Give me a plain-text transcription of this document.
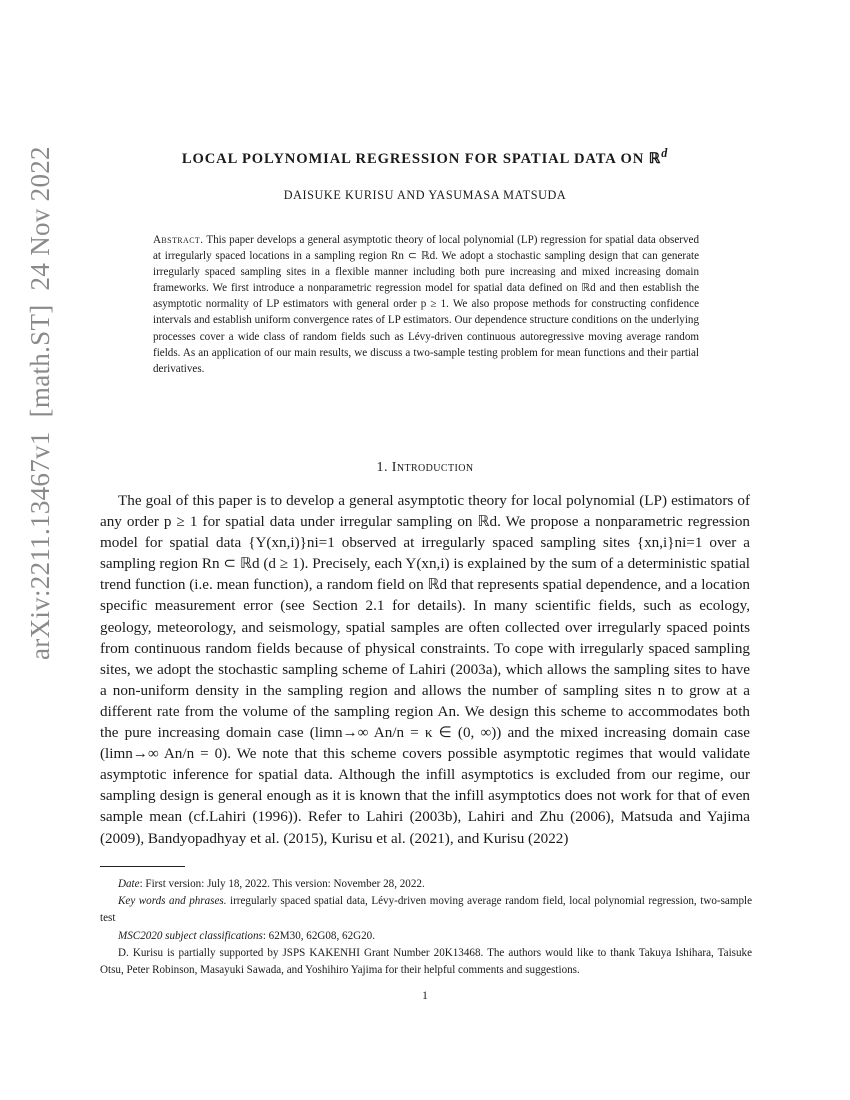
arXiv:2211.13467v1[math.ST]24 Nov 2022	LOCAL POLYNOMIAL REGRESSION FOR SPATIAL DATA ON ℝ$^d$
DAISUKE KURISU AND YASUMASA MATSUDA
Abstract. This paper develops a general asymptotic theory of local polynomial (LP) regression for spatial data observed at irregularly spaced locations in a sampling region Rn ⊂ ℝd. We adopt a stochastic sampling design that can generate irregularly spaced sampling sites in a flexible manner including both pure increasing and mixed increasing domain frameworks. We first introduce a nonparametric regression model for spatial data defined on ℝd and then establish the asymptotic normality of LP estimators with general order p ≥ 1. We also propose methods for constructing confidence intervals and establish uniform convergence rates of LP estimators. Our dependence structure conditions on the underlying processes cover a wide class of random fields such as Lévy-driven continuous autoregressive moving average random fields. As an application of our main results, we discuss a two-sample testing problem for mean functions and their partial derivatives.
1. Introduction

The goal of this paper is to develop a general asymptotic theory for local polynomial (LP) estimators of any order p ≥ 1 for spatial data under irregular sampling on ℝd. We propose a nonparametric regression model for spatial data {Y(xn,i)}ni=1 observed at irregularly spaced sampling sites {xn,i}ni=1 over a sampling region Rn ⊂ ℝd (d ≥ 1). Precisely, each Y(xn,i) is explained by the sum of a deterministic spatial trend function (i.e. mean function), a random field on ℝd that represents spatial dependence, and a location specific measurement error (see Section 2.1 for details). In many scientific fields, such as ecology, geology, meteorology, and seismology, spatial samples are often collected over irregularly spaced points from continuous random fields because of physical constraints. To cope with irregularly spaced sampling sites, we adopt the stochastic sampling scheme of Lahiri (2003a), which allows the sampling sites to have a non-uniform density in the sampling region and allows the number of sampling sites n to grow at a different rate from the volume of the sampling region An. We design this scheme to accommodates both the pure increasing domain case (limn→∞ An/n = κ ∈ (0, ∞)) and the mixed increasing domain case (limn→∞ An/n = 0). We note that this scheme covers possible asymptotic regimes that would validate asymptotic inference for spatial data. Although the infill asymptotics is excluded from our regime, our sampling design is general enough as it is known that the infill asymptotics does not work for that of even sample mean (cf.Lahiri (1996)). Refer to Lahiri (2003b), Lahiri and Zhu (2006), Matsuda and Yajima (2009), Bandyopadhyay et al. (2015), Kurisu et al. (2021), and Kurisu (2022)

Date: First version: July 18, 2022. This version: November 28, 2022.

Key words and phrases. irregularly spaced spatial data, Lévy-driven moving average random field, local polynomial regression, two-sample test

MSC2020 subject classifications: 62M30, 62G08, 62G20.

D. Kurisu is partially supported by JSPS KAKENHI Grant Number 20K13468. The authors would like to thank Takuya Ishihara, Taisuke Otsu, Peter Robinson, Masayuki Sawada, and Yoshihiro Yajima for their helpful comments and suggestions.

1
